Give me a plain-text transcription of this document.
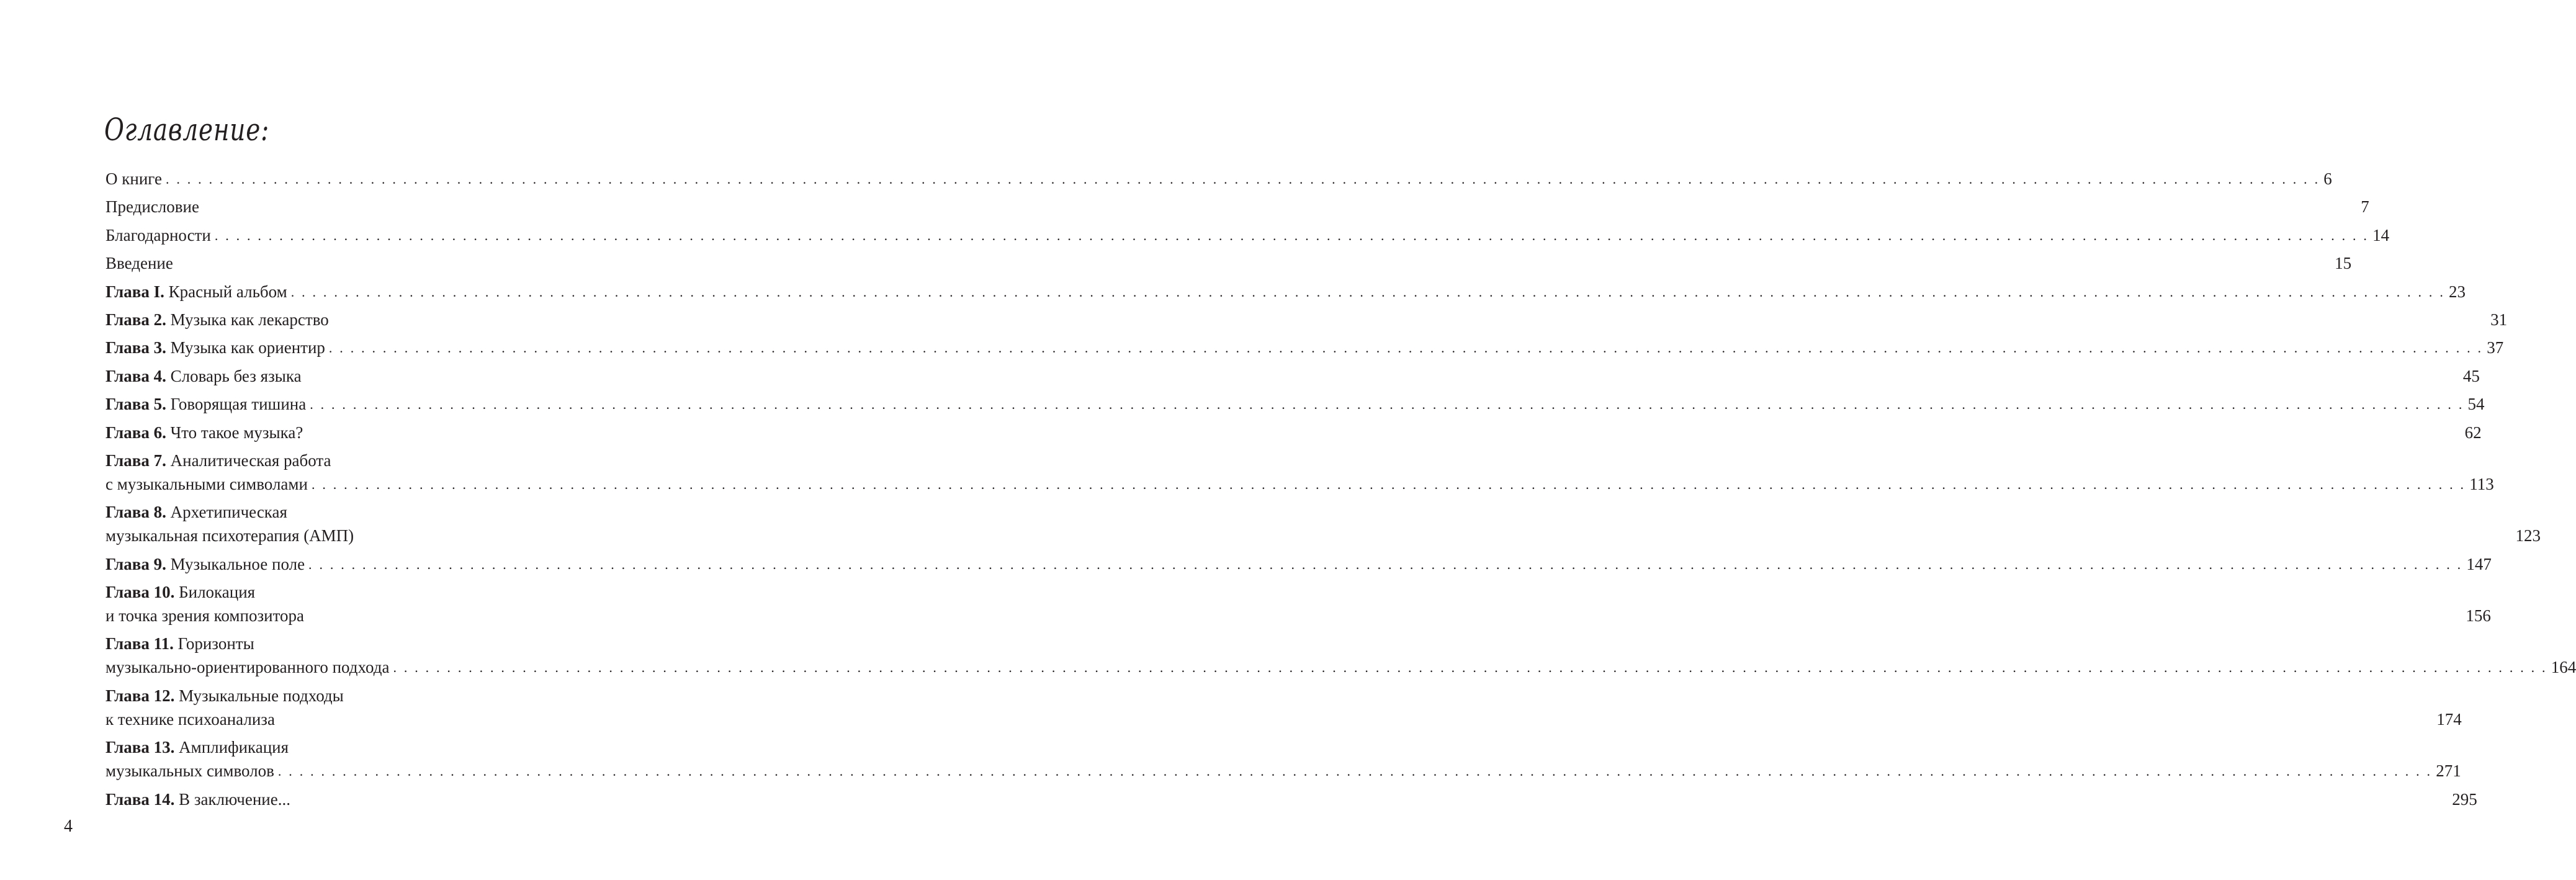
Оглавление:
О книге . . . . . . . . . . . . . . . . . . . . . . . . . . . . . . . . . . . . . . . . . . . . . . . . . . . . . . . . . . . . . . . . . . . . . . . . . . . . . . . . . . . . . . . . . . . . . . . . . . . . . . . . . . . . . . . . . . . . . . . . . . . . . . . . . . . . . . . . . . . . . . . . . . . . . . . . . . . . . . . . . . . . . . . . . . . . . . . . . . . . . . . . . . . . . . . . . . . . . . . . 6
Предисловие	7
Благодарности . . . . . . . . . . . . . . . . . . . . . . . . . . . . . . . . . . . . . . . . . . . . . . . . . . . . . . . . . . . . . . . . . . . . . . . . . . . . . . . . . . . . . . . . . . . . . . . . . . . . . . . . . . . . . . . . . . . . . . . . . . . . . . . . . . . . . . . . . . . . . . . . . . . . . . . . . . . . . . . . . . . . . . . . . . . . . . . . . . . . . . . . . . . . . . . . . . . . . . . . 14
Введение	15
Глава I. Красный альбом . . . . . . . . . . . . . . . . . . . . . . . . . . . . . . . . . . . . . . . . . . . . . . . . . . . . . . . . . . . . . . . . . . . . . . . . . . . . . . . . . . . . . . . . . . . . . . . . . . . . . . . . . . . . . . . . . . . . . . . . . . . . . . . . . . . . . . . . . . . . . . . . . . . . . . . . . . . . . . . . . . . . . . . . . . . . . . . . . . . . . . . . . . . . . . . . . . . . . . . . 23
Глава 2. Музыка как лекарство	31
Глава 3. Музыка как ориентир . . . . . . . . . . . . . . . . . . . . . . . . . . . . . . . . . . . . . . . . . . . . . . . . . . . . . . . . . . . . . . . . . . . . . . . . . . . . . . . . . . . . . . . . . . . . . . . . . . . . . . . . . . . . . . . . . . . . . . . . . . . . . . . . . . . . . . . . . . . . . . . . . . . . . . . . . . . . . . . . . . . . . . . . . . . . . . . . . . . . . . . . . . . . . . . . . . . . . . . . 37
Глава 4. Словарь без языка	45
Глава 5. Говорящая тишина . . . . . . . . . . . . . . . . . . . . . . . . . . . . . . . . . . . . . . . . . . . . . . . . . . . . . . . . . . . . . . . . . . . . . . . . . . . . . . . . . . . . . . . . . . . . . . . . . . . . . . . . . . . . . . . . . . . . . . . . . . . . . . . . . . . . . . . . . . . . . . . . . . . . . . . . . . . . . . . . . . . . . . . . . . . . . . . . . . . . . . . . . . . . . . . . . . . . . . . . 54
Глава 6. Что такое музыка?	62
Глава 7. Аналитическая работа
с музыкальными символами . . . . . . . . . . . . . . . . . . . . . . . . . . . . . . . . . . . . . . . . . . . . . . . . . . . . . . . . . . . . . . . . . . . . . . . . . . . . . . . . . . . . . . . . . . . . . . . . . . . . . . . . . . . . . . . . . . . . . . . . . . . . . . . . . . . . . . . . . . . . . . . . . . . . . . . . . . . . . . . . . . . . . . . . . . . . . . . . . . . . . . . . . . . . . . . . . . . . . . . . 113
Глава 8. Архетипическая
музыкальная психотерапия (АМП)	123
Глава 9. Музыкальное поле . . . . . . . . . . . . . . . . . . . . . . . . . . . . . . . . . . . . . . . . . . . . . . . . . . . . . . . . . . . . . . . . . . . . . . . . . . . . . . . . . . . . . . . . . . . . . . . . . . . . . . . . . . . . . . . . . . . . . . . . . . . . . . . . . . . . . . . . . . . . . . . . . . . . . . . . . . . . . . . . . . . . . . . . . . . . . . . . . . . . . . . . . . . . . . . . . . . . . . . . 147
Глава 10. Билокация
и точка зрения композитора	156
Глава 11. Горизонты
музыкально-ориентированного подхода . . . . . . . . . . . . . . . . . . . . . . . . . . . . . . . . . . . . . . . . . . . . . . . . . . . . . . . . . . . . . . . . . . . . . . . . . . . . . . . . . . . . . . . . . . . . . . . . . . . . . . . . . . . . . . . . . . . . . . . . . . . . . . . . . . . . . . . . . . . . . . . . . . . . . . . . . . . . . . . . . . . . . . . . . . . . . . . . . . . . . . . . . . . . . . . . . . . . . . . . 164
Глава 12. Музыкальные подходы
к технике психоанализа	174
Глава 13. Амплификация
музыкальных символов . . . . . . . . . . . . . . . . . . . . . . . . . . . . . . . . . . . . . . . . . . . . . . . . . . . . . . . . . . . . . . . . . . . . . . . . . . . . . . . . . . . . . . . . . . . . . . . . . . . . . . . . . . . . . . . . . . . . . . . . . . . . . . . . . . . . . . . . . . . . . . . . . . . . . . . . . . . . . . . . . . . . . . . . . . . . . . . . . . . . . . . . . . . . . . . . . . . . . . . . 271
Глава 14. В заключение...	295
4
